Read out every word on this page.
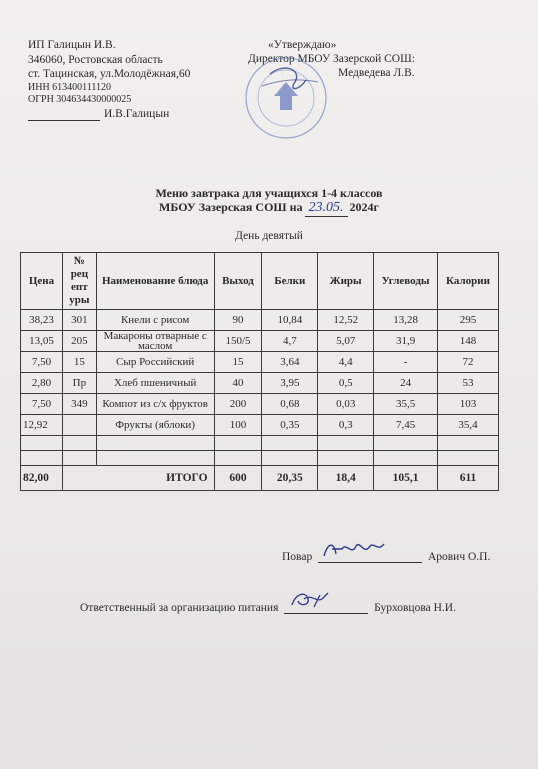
ИП Галицын И.В.
346060, Ростовская область
ст. Тацинская, ул.Молодёжная,60
ИНН 613400111120
ОГРН 304634430000025
И.В.Галицын
«Утверждаю»
Директор МБОУ Зазерской СОШ:
Медведева Л.В.
Меню завтрака для учащихся 1-4 классов
МБОУ Зазерская СОШ на 23.05. 2024г
День девятый
Цена	№ рец епт уры	Наименование блюда	Выход	Белки	Жиры	Углеводы	Калории
38,23	301	Кнели с рисом	90	10,84	12,52	13,28	295
13,05	205	Макароны отварные с маслом	150/5	4,7	5,07	31,9	148
7,50	15	Сыр Российский	15	3,64	4,4	-	72
2,80	Пр	Хлеб пшеничный	40	3,95	0,5	24	53
7,50	349	Компот из с/х фруктов	200	0,68	0,03	35,5	103
12,92		Фрукты (яблоки)	100	0,35	0,3	7,45	35,4

82,00	ИТОГО		600	20,35	18,4	105,1	611
Повар	Арович О.П.
Ответственный за организацию питания	Бурховцова Н.И.
